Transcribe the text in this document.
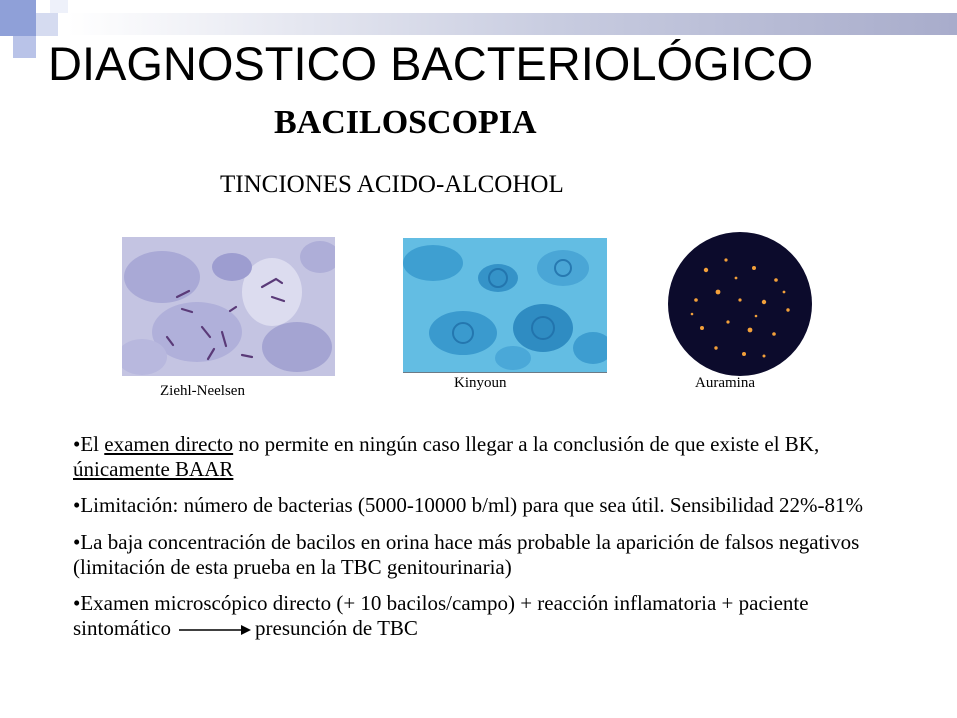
DIAGNOSTICO BACTERIOLÓGICO
BACILOSCOPIA
TINCIONES ACIDO-ALCOHOL
Ziehl-Neelsen	Kinyoun	Auramina
•El examen directo no permite en ningún caso llegar a la conclusión de que existe el BK, únicamente BAAR
•Limitación: número de bacterias (5000-10000 b/ml) para que sea útil. Sensibilidad 22%-81%
•La baja concentración de bacilos en orina hace más probable la aparición de falsos negativos (limitación de esta prueba en la TBC genitourinaria)
•Examen microscópico directo (+ 10 bacilos/campo) + reacción inflamatoria + paciente sintomático	presunción de TBC
